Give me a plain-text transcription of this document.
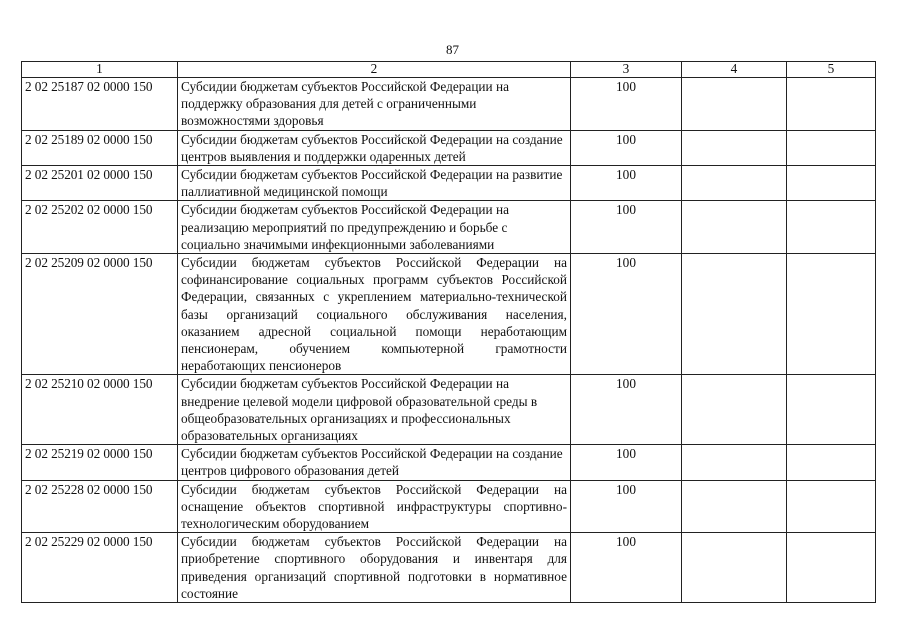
87
1	2	3	4	5
2 02 25187 02 0000 150	Субсидии бюджетам субъектов Российской Федерации на поддержку образования для детей с ограниченными возможностями здоровья	100		
2 02 25189 02 0000 150	Субсидии бюджетам субъектов Российской Федерации на создание центров выявления и поддержки одаренных детей	100		
2 02 25201 02 0000 150	Субсидии бюджетам субъектов Российской Федерации на развитие паллиативной медицинской помощи	100		
2 02 25202 02 0000 150	Субсидии бюджетам субъектов Российской Федерации на реализацию мероприятий по предупреждению и борьбе с социально значимыми инфекционными заболеваниями	100		
2 02 25209 02 0000 150	Субсидии бюджетам субъектов Российской Федерации на софинансирование социальных программ субъектов Российской Федерации, связанных с укреплением материально-технической базы организаций социального обслуживания населения, оказанием адресной социальной помощи неработающим пенсионерам, обучением компьютерной грамотности неработающих пенсионеров	100		
2 02 25210 02 0000 150	Субсидии бюджетам субъектов Российской Федерации на внедрение целевой модели цифровой образовательной среды в общеобразовательных организациях и профессиональных образовательных организациях	100		
2 02 25219 02 0000 150	Субсидии бюджетам субъектов Российской Федерации на создание центров цифрового образования детей	100		
2 02 25228 02 0000 150	Субсидии бюджетам субъектов Российской Федерации на оснащение объектов спортивной инфраструктуры спортивно-технологическим оборудованием	100		
2 02 25229 02 0000 150	Субсидии бюджетам субъектов Российской Федерации на приобретение спортивного оборудования и инвентаря для приведения организаций спортивной подготовки в нормативное состояние	100		
